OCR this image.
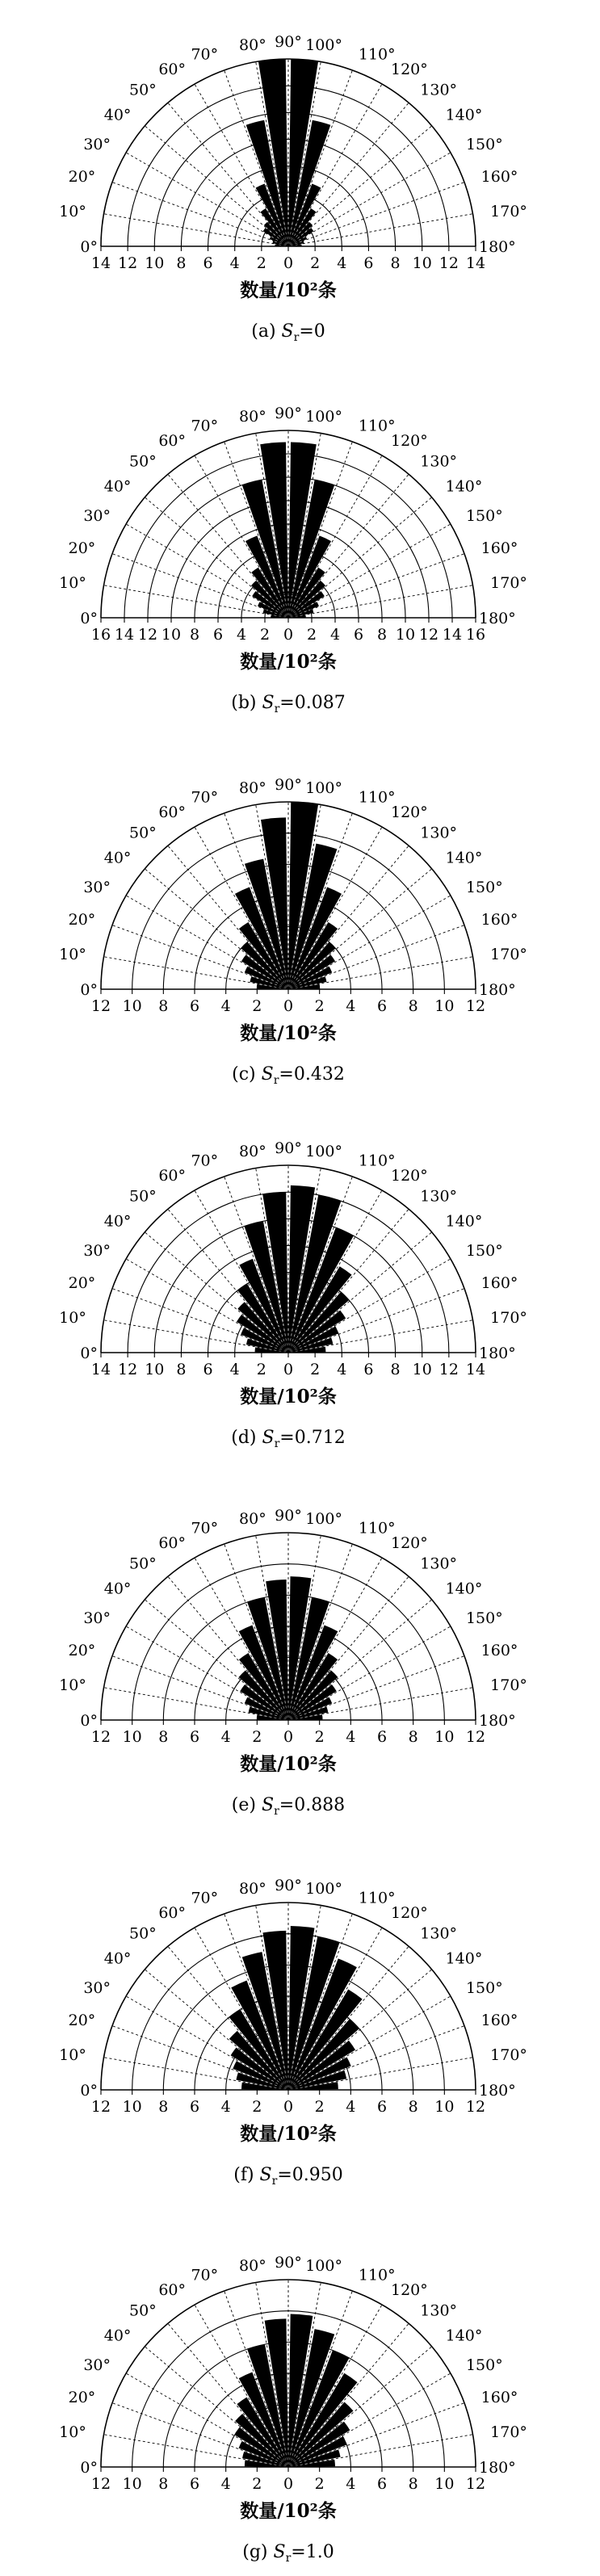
14 12 10 8 6 4 2 0 2 4 6 8 10 12 14
0°
10°
20°
30°
40°
50°
60°
70°
80° 90° 100°
110°
120°
130°
140°
150°
160°
170°
180°
数量/10²条
(a) $S_r=0$
16 14 12 10 8 6 4 2 0 2 4 6 8 10 12 14 16
0°
10°
20°
30°
40°
50°
60°
70°
80° 90° 100°
110°
120°
130°
140°
150°
160°
170°
180°
数量/10²条
(b) $S_r=0.087$
12 10 8 6 4 2 0 2 4 6 8 10 12
0°
10°
20°
30°
40°
50°
60°
70°
80° 90° 100°
110°
120°
130°
140°
150°
160°
170°
180°
数量/10²条
(c) $S_r=0.432$
14 12 10 8 6 4 2 0 2 4 6 8 10 12 14
0°
10°
20°
30°
40°
50°
60°
70°
80° 90° 100°
110°
120°
130°
140°
150°
160°
170°
180°
数量/10²条
(d) $S_r=0.712$
12 10 8 6 4 2 0 2 4 6 8 10 12
0°
10°
20°
30°
40°
50°
60°
70°
80° 90° 100°
110°
120°
130°
140°
150°
160°
170°
180°
数量/10²条
(e) $S_r=0.888$
12 10 8 6 4 2 0 2 4 6 8 10 12
0°
10°
20°
30°
40°
50°
60°
70°
80° 90° 100°
110°
120°
130°
140°
150°
160°
170°
180°
数量/10²条
(f) $S_r=0.950$
12 10 8 6 4 2 0 2 4 6 8 10 12
0°
10°
20°
30°
40°
50°
60°
70°
80° 90° 100°
110°
120°
130°
140°
150°
160°
170°
180°
数量/10²条
(g) $S_r=1.0$
